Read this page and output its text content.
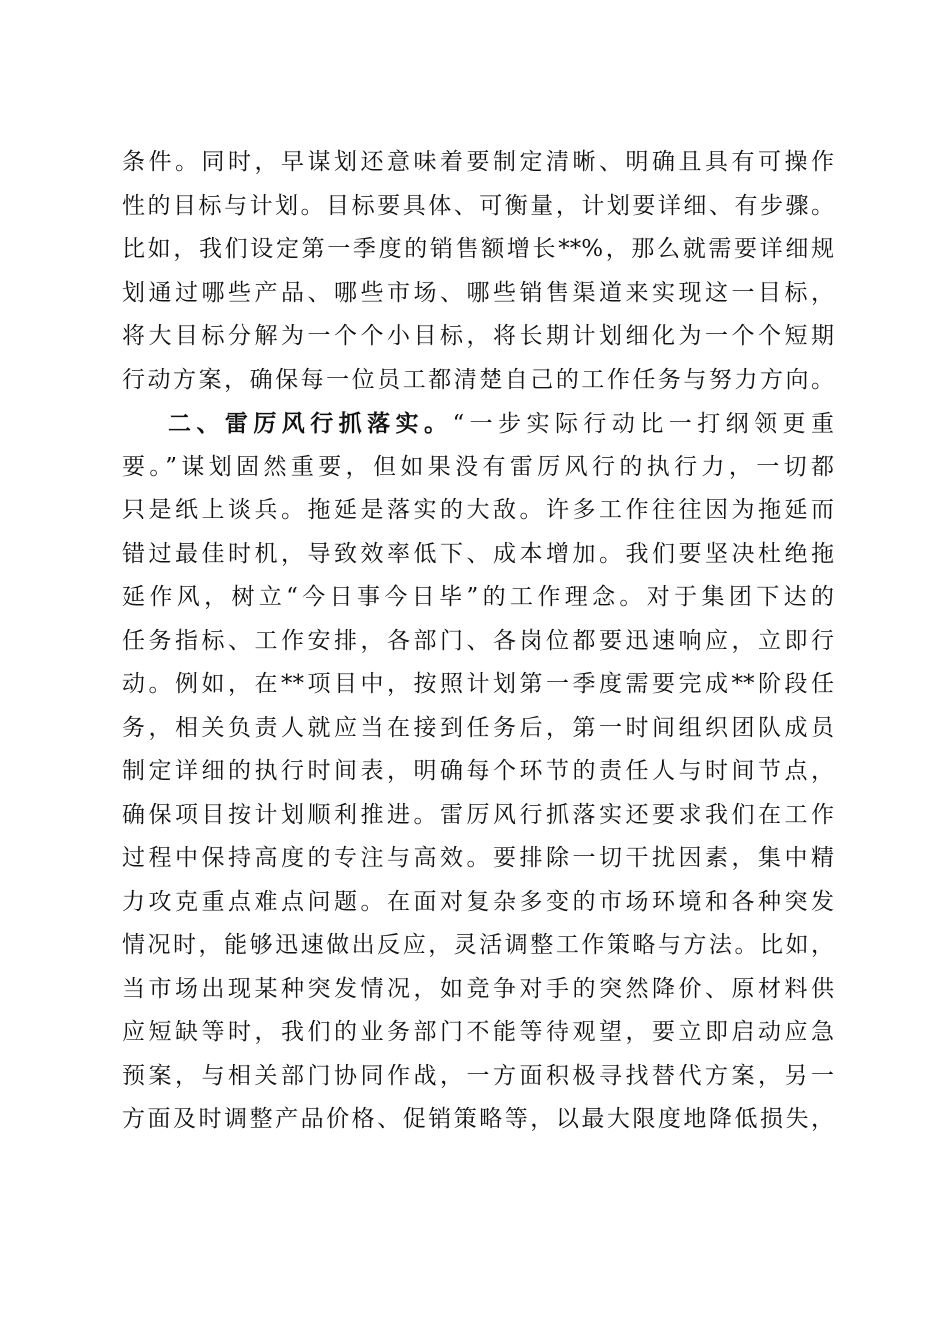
条件。同时，早谋划还意味着要制定清晰、明确且具有可操作
性的目标与计划。目标要具体、可衡量，计划要详细、有步骤。
比如，我们设定第一季度的销售额增长**%，那么就需要详细规
划通过哪些产品、哪些市场、哪些销售渠道来实现这一目标，
将大目标分解为一个个小目标，将长期计划细化为一个个短期
行动方案，确保每一位员工都清楚自己的工作任务与努力方向。
二、雷厉风行抓落实。“一步实际行动比一打纲领更重
要。”谋划固然重要，但如果没有雷厉风行的执行力，一切都
只是纸上谈兵。拖延是落实的大敌。许多工作往往因为拖延而
错过最佳时机，导致效率低下、成本增加。我们要坚决杜绝拖
延作风，树立“今日事今日毕”的工作理念。对于集团下达的
任务指标、工作安排，各部门、各岗位都要迅速响应，立即行
动。例如，在**项目中，按照计划第一季度需要完成**阶段任
务，相关负责人就应当在接到任务后，第一时间组织团队成员
制定详细的执行时间表，明确每个环节的责任人与时间节点，
确保项目按计划顺利推进。雷厉风行抓落实还要求我们在工作
过程中保持高度的专注与高效。要排除一切干扰因素，集中精
力攻克重点难点问题。在面对复杂多变的市场环境和各种突发
情况时，能够迅速做出反应，灵活调整工作策略与方法。比如，
当市场出现某种突发情况，如竞争对手的突然降价、原材料供
应短缺等时，我们的业务部门不能等待观望，要立即启动应急
预案，与相关部门协同作战，一方面积极寻找替代方案，另一
方面及时调整产品价格、促销策略等，以最大限度地降低损失，
